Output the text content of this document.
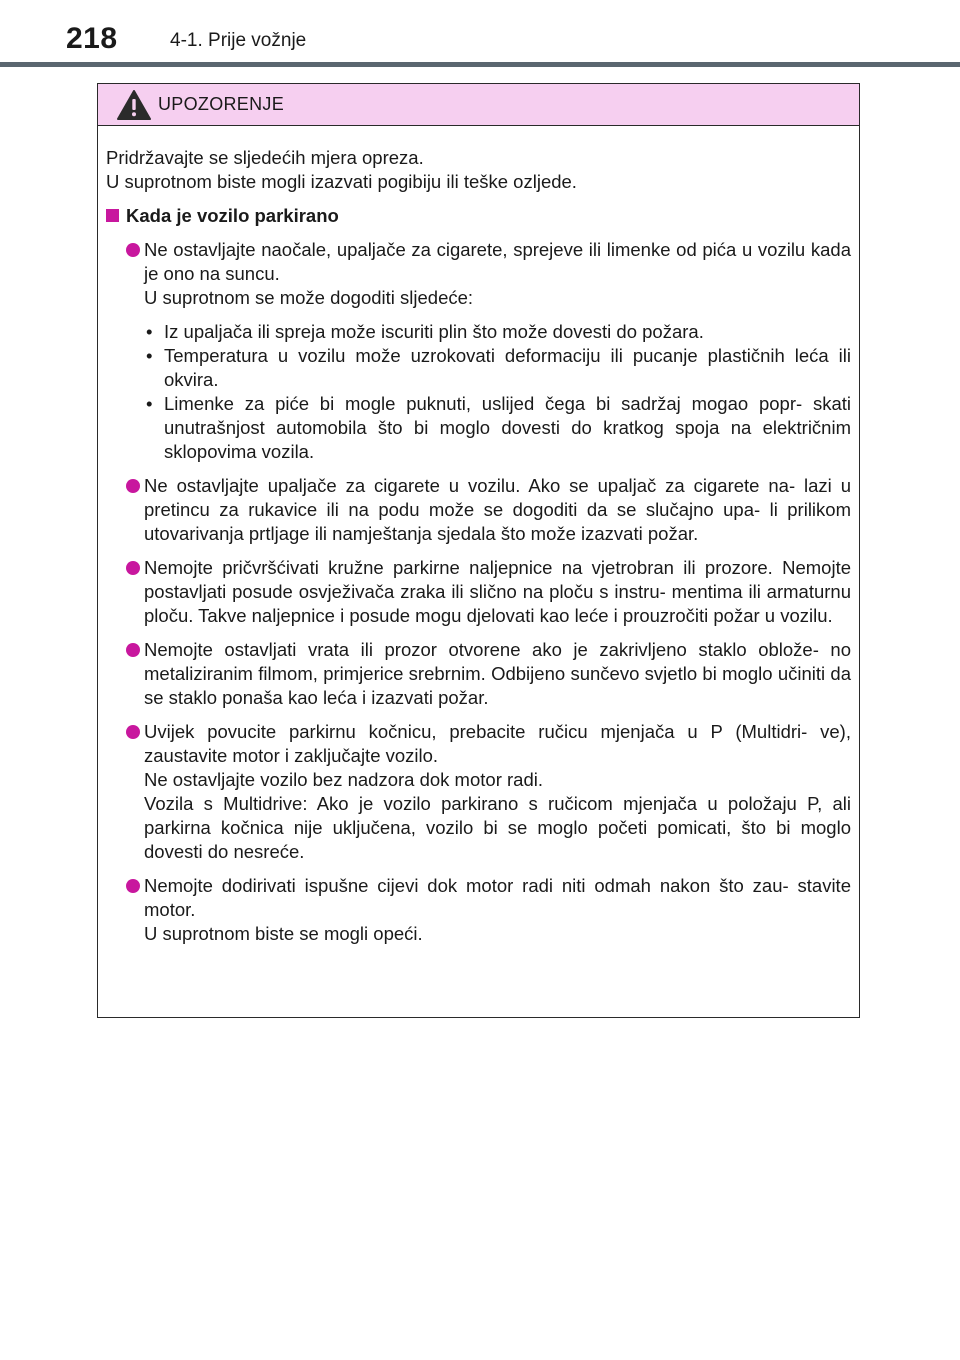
218	4-1. Prije vožnje
UPOZORENJE

Pridržavajte se sljedećih mjera opreza.

U suprotnom biste mogli izazvati pogibiju ili teške ozljede.

Kada je vozilo parkirano

Ne ostavljajte naočale, upaljače za cigarete, sprejeve ili limenke od pića u vozilu kada je ono na suncu.

U suprotnom se može dogoditi sljedeće:

• Iz upaljača ili spreja može iscuriti plin što može dovesti do požara.
• Temperatura u vozilu može uzrokovati deformaciju ili pucanje plastičnih leća ili okvira.
• Limenke za piće bi mogle puknuti, uslijed čega bi sadržaj mogao popr- skati unutrašnjost automobila što bi moglo dovesti do kratkog spoja na električnim sklopovima vozila.

Ne ostavljajte upaljače za cigarete u vozilu. Ako se upaljač za cigarete na- lazi u pretincu za rukavice ili na podu može se dogoditi da se slučajno upa- li prilikom utovarivanja prtljage ili namještanja sjedala što može izazvati požar.

Nemojte pričvršćivati kružne parkirne naljepnice na vjetrobran ili prozore. Nemojte postavljati posude osvježivača zraka ili slično na ploču s instru- mentima ili armaturnu ploču. Takve naljepnice i posude mogu djelovati kao leće i prouzročiti požar u vozilu.

Nemojte ostavljati vrata ili prozor otvorene ako je zakrivljeno staklo oblože- no metaliziranim filmom, primjerice srebrnim. Odbijeno sunčevo svjetlo bi moglo učiniti da se staklo ponaša kao leća i izazvati požar.

Uvijek povucite parkirnu kočnicu, prebacite ručicu mjenjača u P (Multidri- ve), zaustavite motor i zaključajte vozilo.

Ne ostavljajte vozilo bez nadzora dok motor radi.

Vozila s Multidrive: Ako je vozilo parkirano s ručicom mjenjača u položaju P, ali parkirna kočnica nije uključena, vozilo bi se moglo početi pomicati, što bi moglo dovesti do nesreće.

Nemojte dodirivati ispušne cijevi dok motor radi niti odmah nakon što zau- stavite motor.

U suprotnom biste se mogli opeći.
